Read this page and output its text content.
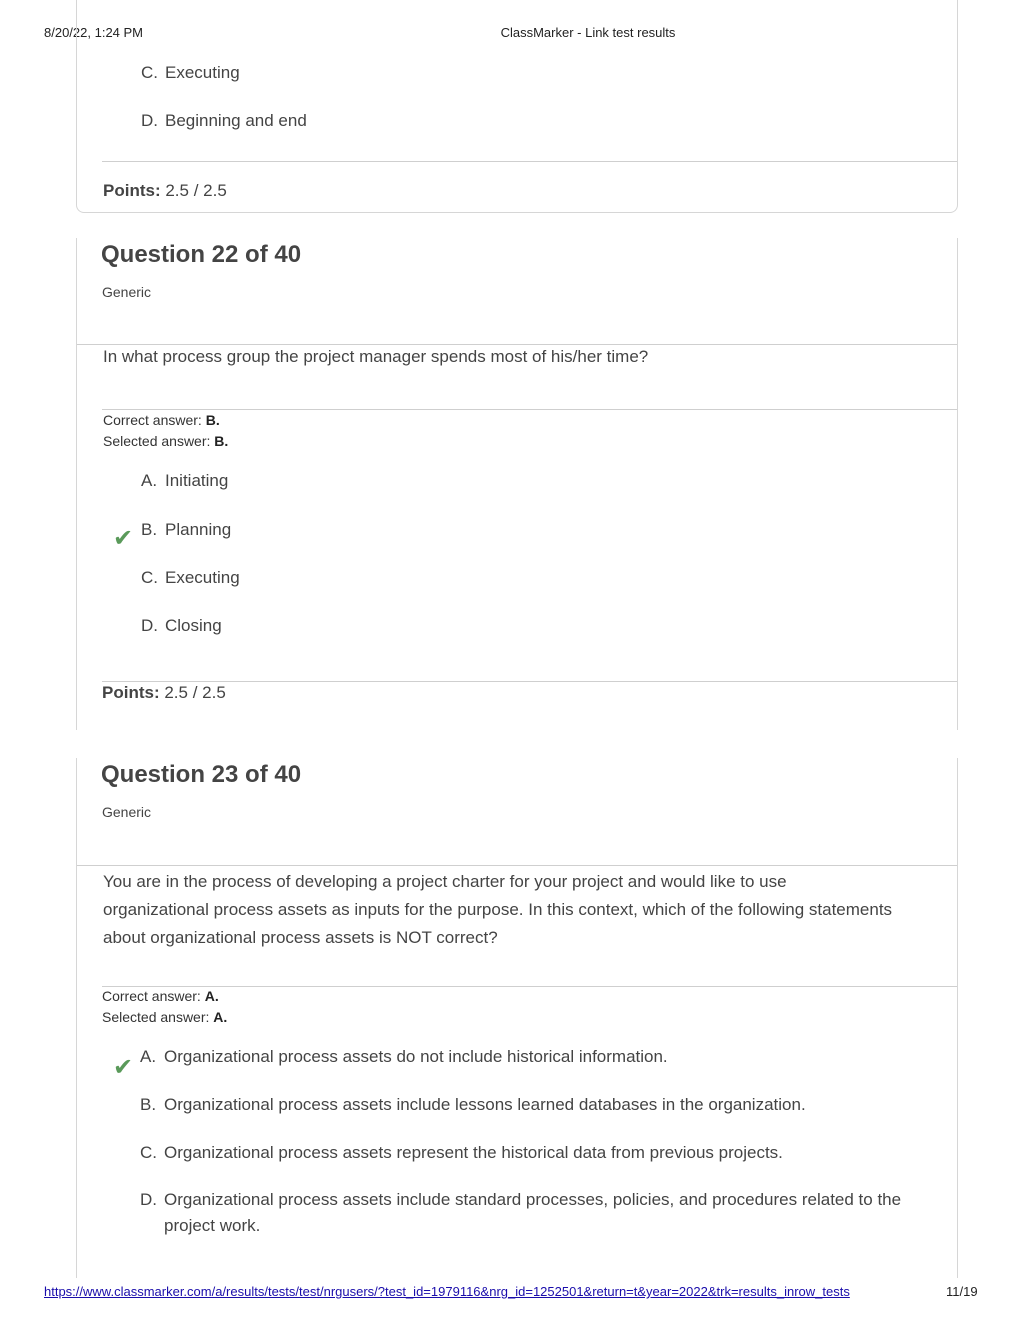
8/20/22, 1:24 PM	ClassMarker - Link test results
C. Executing
D. Beginning and end
Points: 2.5 / 2.5
Question 22 of 40
Generic
In what process group the project manager spends most of his/her time?
Correct answer: B.
Selected answer: B.
A. Initiating
✔ B. Planning
C. Executing
D. Closing
Points: 2.5 / 2.5
Question 23 of 40
Generic
You are in the process of developing a project charter for your project and would like to use organizational process assets as inputs for the purpose. In this context, which of the following statements about organizational process assets is NOT correct?
Correct answer: A.
Selected answer: A.
✔ A. Organizational process assets do not include historical information.
B. Organizational process assets include lessons learned databases in the organization.
C. Organizational process assets represent the historical data from previous projects.
D. Organizational process assets include standard processes, policies, and procedures related to the project work.
https://www.classmarker.com/a/results/tests/test/nrgusers/?test_id=1979116&nrg_id=1252501&return=t&year=2022&trk=results_inrow_tests	11/19
